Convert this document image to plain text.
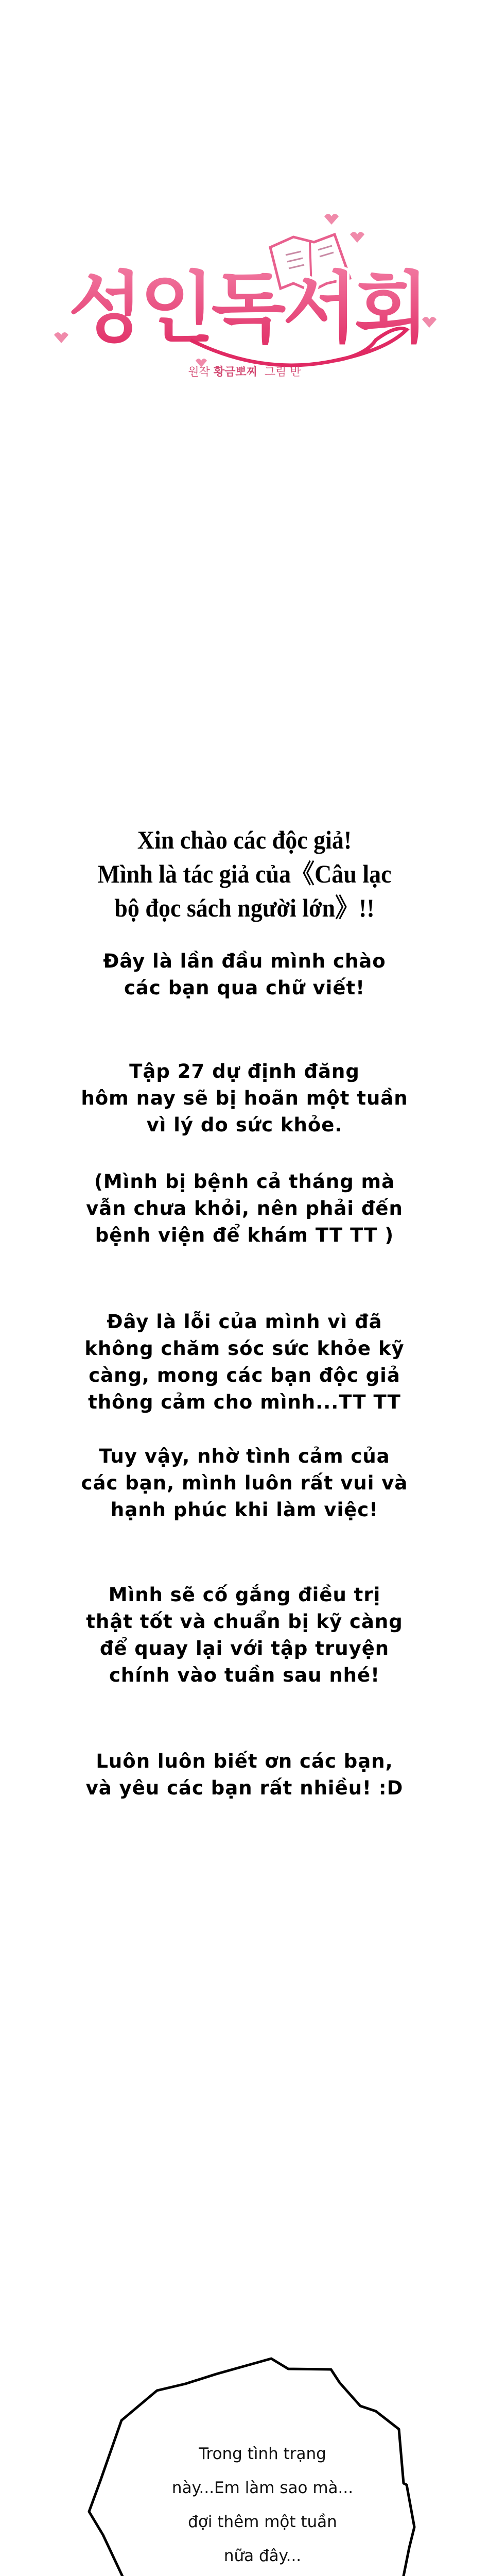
성인독서회
원작 황금뽀찌 그림 반
Xin chào các độc giả!
Mình là tác giả của《Câu lạc
bộ đọc sách người lớn》!!
Đây là lần đầu mình chào
các bạn qua chữ viết!
Tập 27 dự định đăng
hôm nay sẽ bị hoãn một tuần
vì lý do sức khỏe.
(Mình bị bệnh cả tháng mà
vẫn chưa khỏi, nên phải đến
bệnh viện để khám TT TT )
Đây là lỗi của mình vì đã
không chăm sóc sức khỏe kỹ
càng, mong các bạn độc giả
thông cảm cho mình...TT TT
Tuy vậy, nhờ tình cảm của
các bạn, mình luôn rất vui và
hạnh phúc khi làm việc!
Mình sẽ cố gắng điều trị
thật tốt và chuẩn bị kỹ càng
để quay lại với tập truyện
chính vào tuần sau nhé!
Luôn luôn biết ơn các bạn,
và yêu các bạn rất nhiều! :D
Trong tình trạng
này...Em làm sao mà...
đợi thêm một tuần
nữa đây...
